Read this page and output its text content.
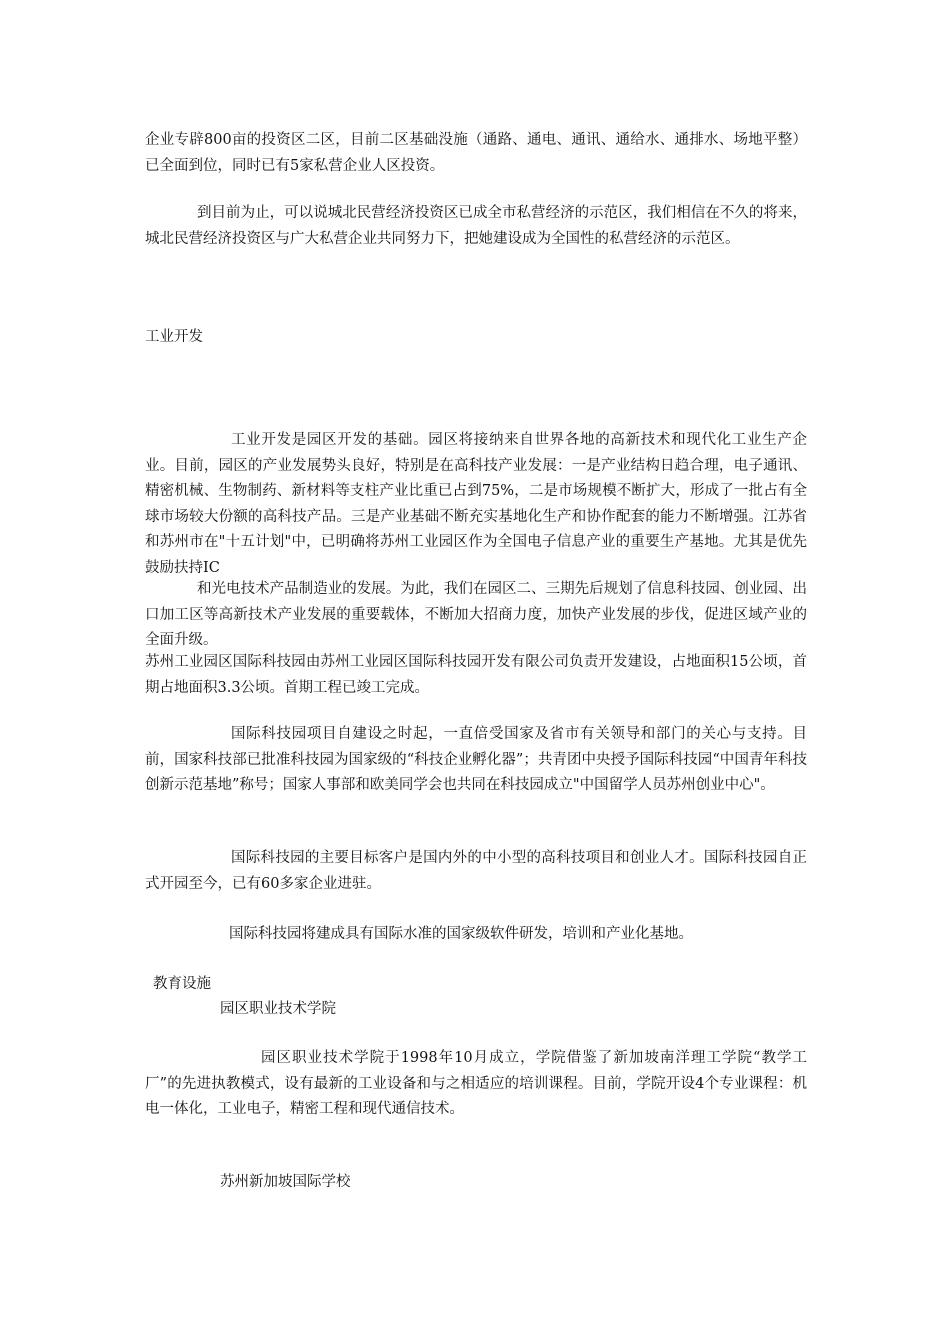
企业专辟800亩的投资区二区，目前二区基础没施（通路、通电、通讯、通给水、通排水、场地平整）已全面到位，同时已有5家私营企业人区投资。

到目前为止，可以说城北民营经济投资区已成全市私营经济的示范区，我们相信在不久的将来，城北民营经济投资区与广大私营企业共同努力下，把她建设成为全国性的私营经济的示范区。

工业开发

工业开发是园区开发的基础。园区将接纳来自世界各地的高新技术和现代化工业生产企业。目前，园区的产业发展势头良好，特别是在高科技产业发展：一是产业结构日趋合理，电子通讯、精密机械、生物制药、新材料等支柱产业比重已占到75%，二是市场规模不断扩大，形成了一批占有全球市场较大份额的高科技产品。三是产业基础不断充实基地化生产和协作配套的能力不断增强。江苏省和苏州市在"十五计划"中，已明确将苏州工业园区作为全国电子信息产业的重要生产基地。尤其是优先鼓励扶持IC

和光电技术产品制造业的发展。为此，我们在园区二、三期先后规划了信息科技园、创业园、出口加工区等高新技术产业发展的重要载体，不断加大招商力度，加快产业发展的步伐，促进区域产业的全面升级。

苏州工业园区国际科技园由苏州工业园区国际科技园开发有限公司负责开发建设，占地面积15公顷，首期占地面积3.3公顷。首期工程已竣工完成。

国际科技园项目自建设之时起，一直倍受国家及省市有关领导和部门的关心与支持。目前，国家科技部已批准科技园为国家级的“科技企业孵化器”；共青团中央授予国际科技园“中国青年科技创新示范基地”称号；国家人事部和欧美同学会也共同在科技园成立"中国留学人员苏州创业中心"。

国际科技园的主要目标客户是国内外的中小型的高科技项目和创业人才。国际科技园自正式开园至今，已有60多家企业进驻。

国际科技园将建成具有国际水准的国家级软件研发，培训和产业化基地。

教育设施

园区职业技术学院

园区职业技术学院于1998年10月成立，学院借鉴了新加坡南洋理工学院“教学工厂”的先进执教模式，设有最新的工业设备和与之相适应的培训课程。目前，学院开设4个专业课程：机电一体化，工业电子，精密工程和现代通信技术。

苏州新加坡国际学校
